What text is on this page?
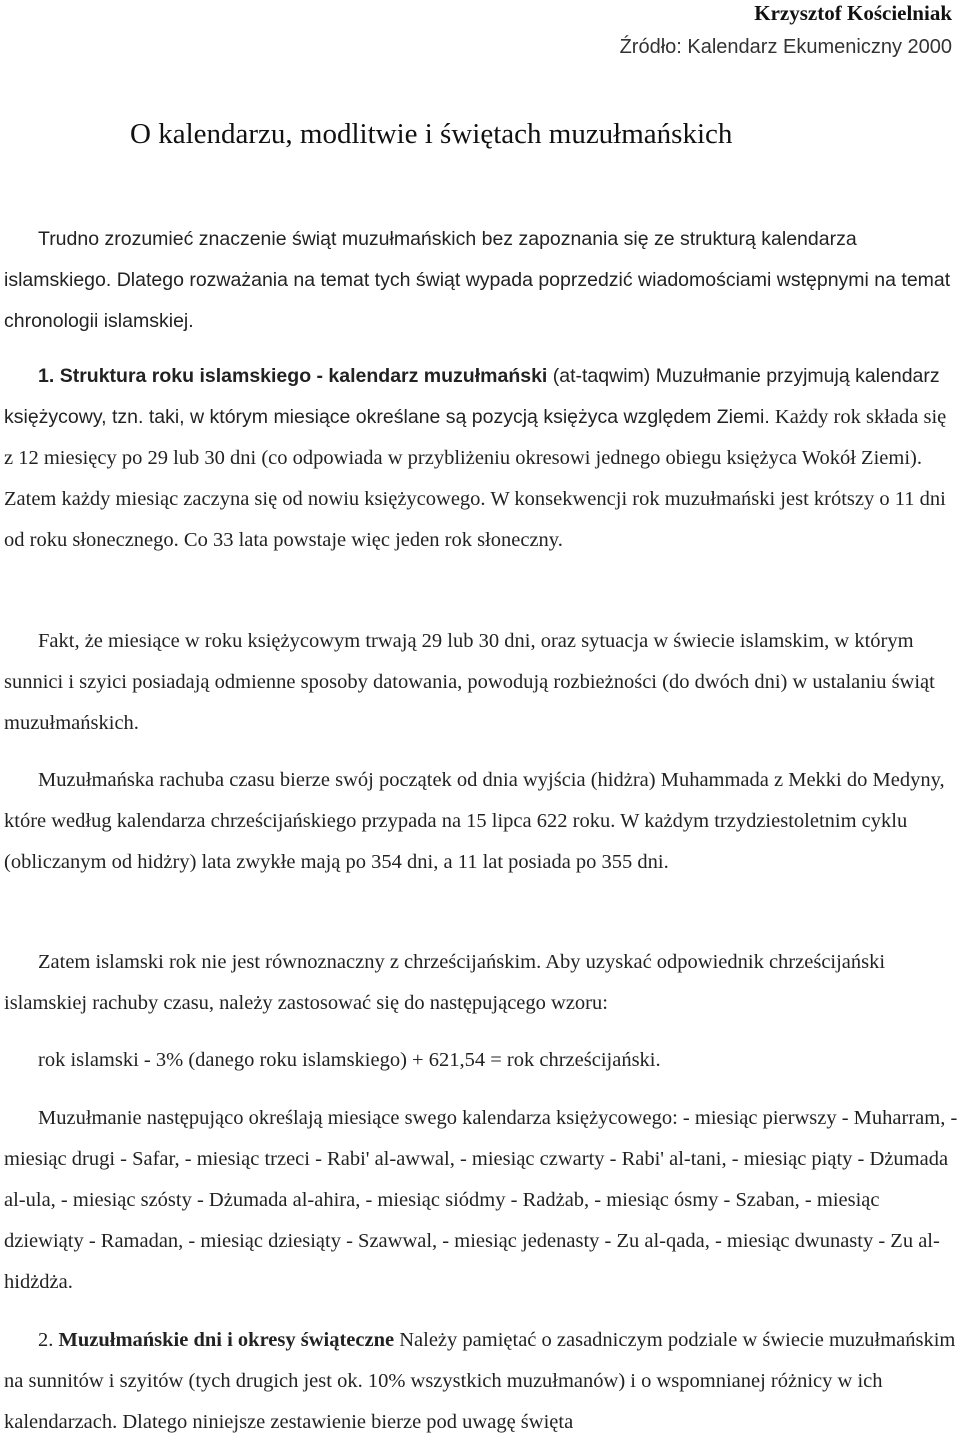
Krzysztof Kościelniak
Źródło: Kalendarz Ekumeniczny 2000
O kalendarzu, modlitwie i świętach muzułmańskich

Trudno zrozumieć znaczenie świąt muzułmańskich bez zapoznania się ze strukturą kalendarza islamskiego. Dlatego rozważania na temat tych świąt wypada poprzedzić wiadomościami wstępnymi na temat chronologii islamskiej.

1. Struktura roku islamskiego - kalendarz muzułmański (at-taqwim) Muzułmanie przyjmują kalendarz księżycowy, tzn. taki, w którym miesiące określane są pozycją księżyca względem Ziemi. Każdy rok składa się z 12 miesięcy po 29 lub 30 dni (co odpowiada w przybliżeniu okresowi jednego obiegu księżyca Wokół Ziemi). Zatem każdy miesiąc zaczyna się od nowiu księżycowego. W konsekwencji rok muzułmański jest krótszy o 11 dni od roku słonecznego. Co 33 lata powstaje więc jeden rok słoneczny.

Fakt, że miesiące w roku księżycowym trwają 29 lub 30 dni, oraz sytuacja w świecie islamskim, w którym sunnici i szyici posiadają odmienne sposoby datowania, powodują rozbieżności (do dwóch dni) w ustalaniu świąt muzułmańskich.

Muzułmańska rachuba czasu bierze swój początek od dnia wyjścia (hidżra) Muhammada z Mekki do Medyny, które według kalendarza chrześcijańskiego przypada na 15 lipca 622 roku. W każdym trzydziestoletnim cyklu (obliczanym od hidżry) lata zwykłe mają po 354 dni, a 11 lat posiada po 355 dni.

Zatem islamski rok nie jest równoznaczny z chrześcijańskim. Aby uzyskać odpowiednik chrześcijański islamskiej rachuby czasu, należy zastosować się do następującego wzoru:

rok islamski - 3% (danego roku islamskiego) + 621,54 = rok chrześcijański.

Muzułmanie następująco określają miesiące swego kalendarza księżycowego: - miesiąc pierwszy - Muharram, - miesiąc drugi - Safar, - miesiąc trzeci - Rabi' al-awwal, - miesiąc czwarty - Rabi' al-tani, - miesiąc piąty - Dżumada al-ula, - miesiąc szósty - Dżumada al-ahira, - miesiąc siódmy - Radżab, - miesiąc ósmy - Szaban, - miesiąc dziewiąty - Ramadan, - miesiąc dziesiąty - Szawwal, - miesiąc jedenasty - Zu al-qada, - miesiąc dwunasty - Zu al-hidżdża.

2. Muzułmańskie dni i okresy świąteczne Należy pamiętać o zasadniczym podziale w świecie muzułmańskim na sunnitów i szyitów (tych drugich jest ok. 10% wszystkich muzułmanów) i o wspomnianej różnicy w ich kalendarzach. Dlatego niniejsze zestawienie bierze pod uwagę święta
